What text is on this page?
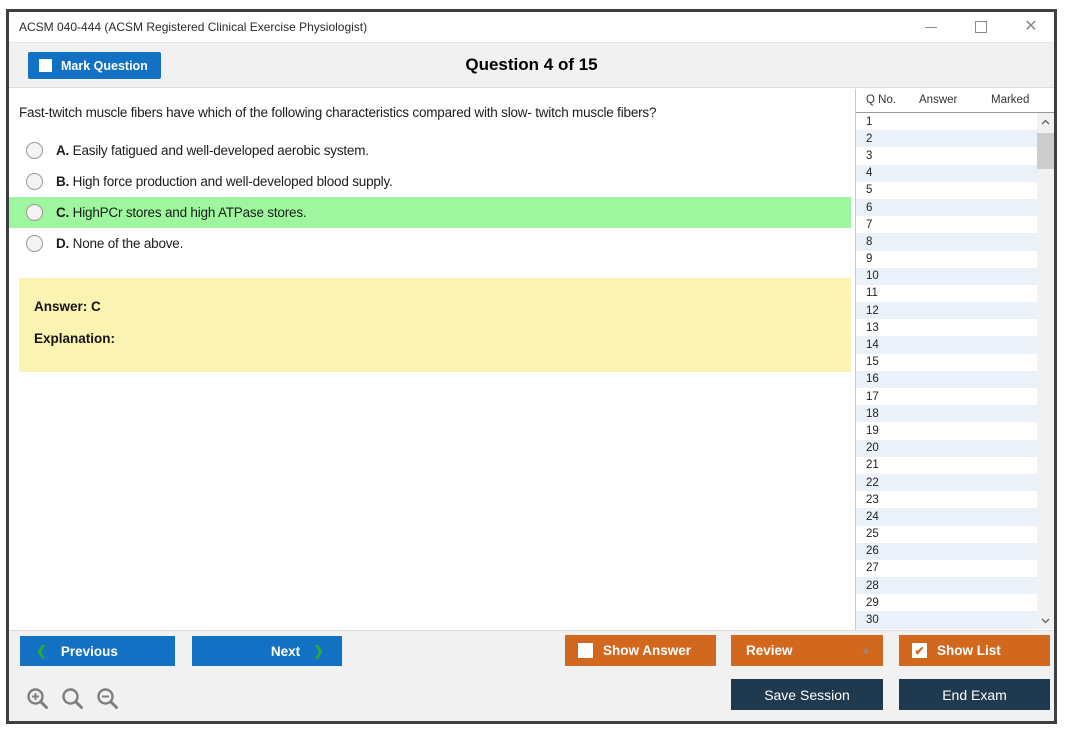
ACSM 040-444 (ACSM Registered Clinical Exercise Physiologist)	✕
Question 4 of 15
Mark Question
Fast-twitch muscle fibers have which of the following characteristics compared with slow- twitch muscle fibers?
A. Easily fatigued and well-developed aerobic system.
B. High force production and well-developed blood supply.
C. HighPCr stores and high ATPase stores.
D. None of the above.
Answer: C
Explanation:
Q No. Answer	Marked
1
2
3
4
5
6
7
8
9
10
11
12
13
14
15
16
17
18
19
20
21
22
23
24
25
26
27
28
29
30
❮ Previous	Next ❯	Show Answer	Review	▲	✔ Show List
Save Session	End Exam
